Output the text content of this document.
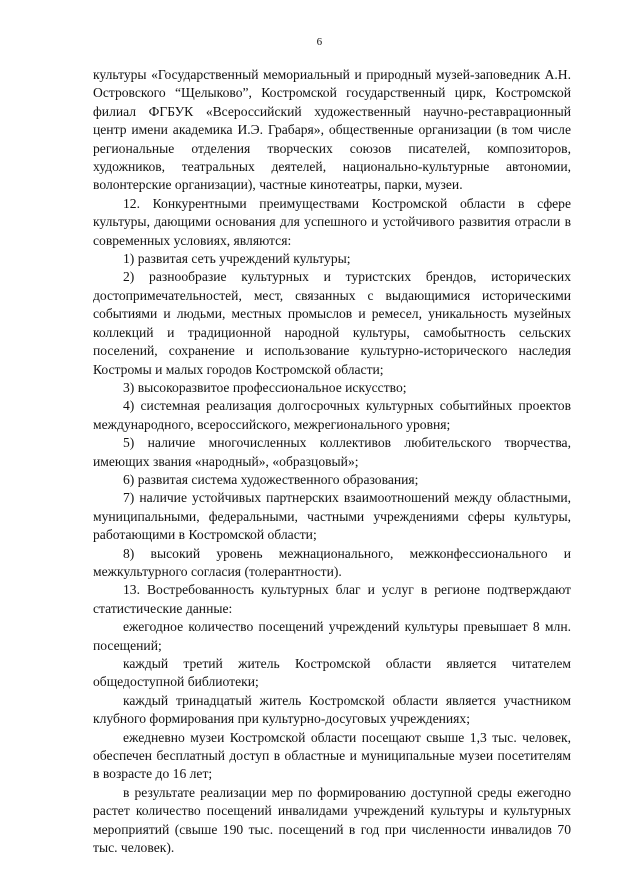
6

культуры «Государственный мемориальный и природный музей-заповедник А.Н. Островского “Щелыково”, Костромской государственный цирк, Костромской филиал ФГБУК «Всероссийский художественный научно-реставрационный центр имени академика И.Э. Грабаря», общественные организации (в том числе региональные отделения творческих союзов писателей, композиторов, художников, театральных деятелей, национально-культурные автономии, волонтерские организации), частные кинотеатры, парки, музеи.

12. Конкурентными преимуществами Костромской области в сфере культуры, дающими основания для успешного и устойчивого развития отрасли в современных условиях, являются:

1) развитая сеть учреждений культуры;

2) разнообразие культурных и туристских брендов, исторических достопримечательностей, мест, связанных с выдающимися историческими событиями и людьми, местных промыслов и ремесел, уникальность музейных коллекций и традиционной народной культуры, самобытность сельских поселений, сохранение и использование культурно-исторического наследия Костромы и малых городов Костромской области;

3) высокоразвитое профессиональное искусство;

4) системная реализация долгосрочных культурных событийных проектов международного, всероссийского, межрегионального уровня;

5) наличие многочисленных коллективов любительского творчества, имеющих звания «народный», «образцовый»;

6) развитая система художественного образования;

7) наличие устойчивых партнерских взаимоотношений между областными, муниципальными, федеральными, частными учреждениями сферы культуры, работающими в Костромской области;

8) высокий уровень межнационального, межконфессионального и межкультурного согласия (толерантности).

13. Востребованность культурных благ и услуг в регионе подтверждают статистические данные:

ежегодное количество посещений учреждений культуры превышает 8 млн. посещений;

каждый третий житель Костромской области является читателем общедоступной библиотеки;

каждый тринадцатый житель Костромской области является участником клубного формирования при культурно-досуговых учреждениях;

ежедневно музеи Костромской области посещают свыше 1,3 тыс. человек, обеспечен бесплатный доступ в областные и муниципальные музеи посетителям в возрасте до 16 лет;

в результате реализации мер по формированию доступной среды ежегодно растет количество посещений инвалидами учреждений культуры и культурных мероприятий (свыше 190 тыс. посещений в год при численности инвалидов 70 тыс. человек).
